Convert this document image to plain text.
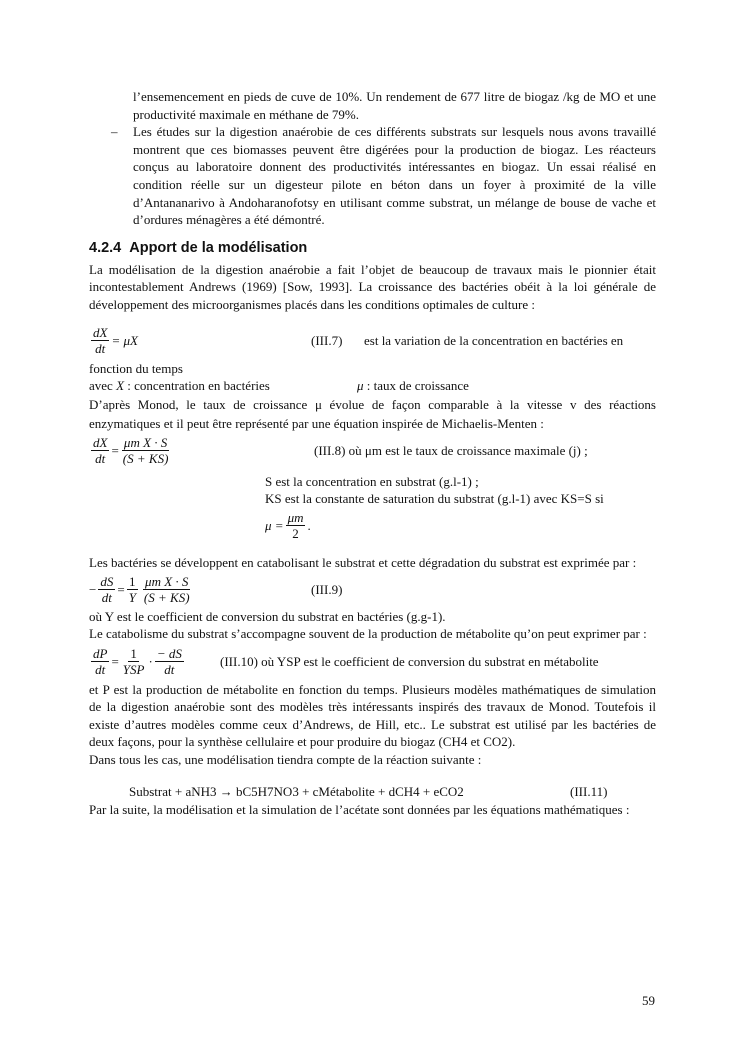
l’ensemencement en pieds de cuve de 10%. Un rendement de 677 litre de biogaz /kg de MO et une productivité maximale en méthane de 79%.

– Les études sur la digestion anaérobie de ces différents substrats sur lesquels nous avons travaillé montrent que ces biomasses peuvent être digérées pour la production de biogaz. Les réacteurs conçus au laboratoire donnent des productivités intéressantes en biogaz. Un essai réalisé en condition réelle sur un digesteur pilote en béton dans un foyer à proximité de la ville d’Antananarivo à Andoharanofotsy en utilisant comme substrat, un mélange de bouse de vache et d’ordures ménagères a été démontré.

4.2.4 Apport de la modélisation

La modélisation de la digestion anaérobie a fait l’objet de beaucoup de travaux mais le pionnier était incontestablement Andrews (1969) [Sow, 1993]. La croissance des bactéries obéit à la loi générale de développement des microorganismes placés dans les conditions optimales de culture :

$\frac{dX}{dt} = \mu X$	(III.7) est la variation de la concentration en bactéries en

fonction du temps

avec X : concentration en bactéries	μ : taux de croissance

D’après Monod, le taux de croissance μ évolue de façon comparable à la vitesse v des réactions enzymatiques et il peut être représenté par une équation inspirée de Michaelis-Menten :

$\frac{dX}{dt} = \frac{\text{μm X · S}}{(S + KS)}$	(III.8) où μm est le taux de croissance maximale (j) ;

S est la concentration en substrat (g.l-1) ;

KS est la constante de saturation du substrat (g.l-1) avec KS=S si

$\mu = \frac{\mu m}{2}$ .

Les bactéries se développent en catabolisant le substrat et cette dégradation du substrat est exprimée par :

− $\frac{dS}{dt} = \frac{1}{Y} \frac{\text{μm X · S}}{(S + KS)}$	(III.9)

où Y est le coefficient de conversion du substrat en bactéries (g.g-1).

Le catabolisme du substrat s’accompagne souvent de la production de métabolite qu’on peut exprimer par :

$\frac{dP}{dt} = \frac{1}{\text{YSP}} \cdot \frac{- dS}{dt}$	(III.10) où YSP est le coefficient de conversion du substrat en métabolite

et P est la production de métabolite en fonction du temps. Plusieurs modèles mathématiques de simulation de la digestion anaérobie sont des modèles très intéressants inspirés des travaux de Monod. Toutefois il existe d’autres modèles comme ceux d’Andrews, de Hill, etc.. Le substrat est utilisé par les bactéries de deux façons, pour la synthèse cellulaire et pour produire du biogaz (CH4 et CO2).

Dans tous les cas, une modélisation tiendra compte de la réaction suivante :

Substrat + aNH3 → bC5H7NO3 + cMétabolite + dCH4 + eCO2	(III.11)

Par la suite, la modélisation et la simulation de l’acétate sont données par les équations mathématiques :

59
